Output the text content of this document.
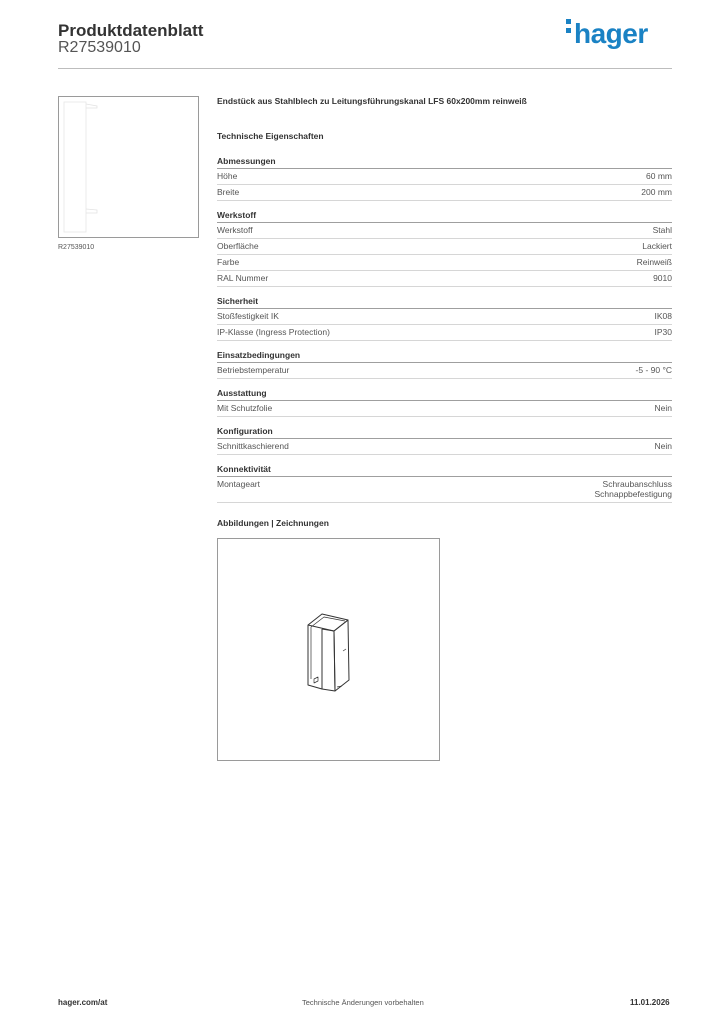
Produktdatenblatt
R27539010	hager
R27539010
Endstück aus Stahlblech zu Leitungsführungskanal LFS 60x200mm reinweiß
Technische Eigenschaften
Abmessungen
Höhe	60 mm
Breite	200 mm
Werkstoff
Werkstoff	Stahl
Oberfläche	Lackiert
Farbe	Reinweiß
RAL Nummer	9010
Sicherheit
Stoßfestigkeit IK	IK08
IP-Klasse (Ingress Protection)	IP30
Einsatzbedingungen
Betriebstemperatur	-5 - 90 °C
Ausstattung
Mit Schutzfolie	Nein
Konfiguration
Schnittkaschierend	Nein
Konnektivität
Montageart	Schraubanschluss
Schnappbefestigung
Abbildungen | Zeichnungen
hager.com/at	Technische Änderungen vorbehalten	11.01.2026
